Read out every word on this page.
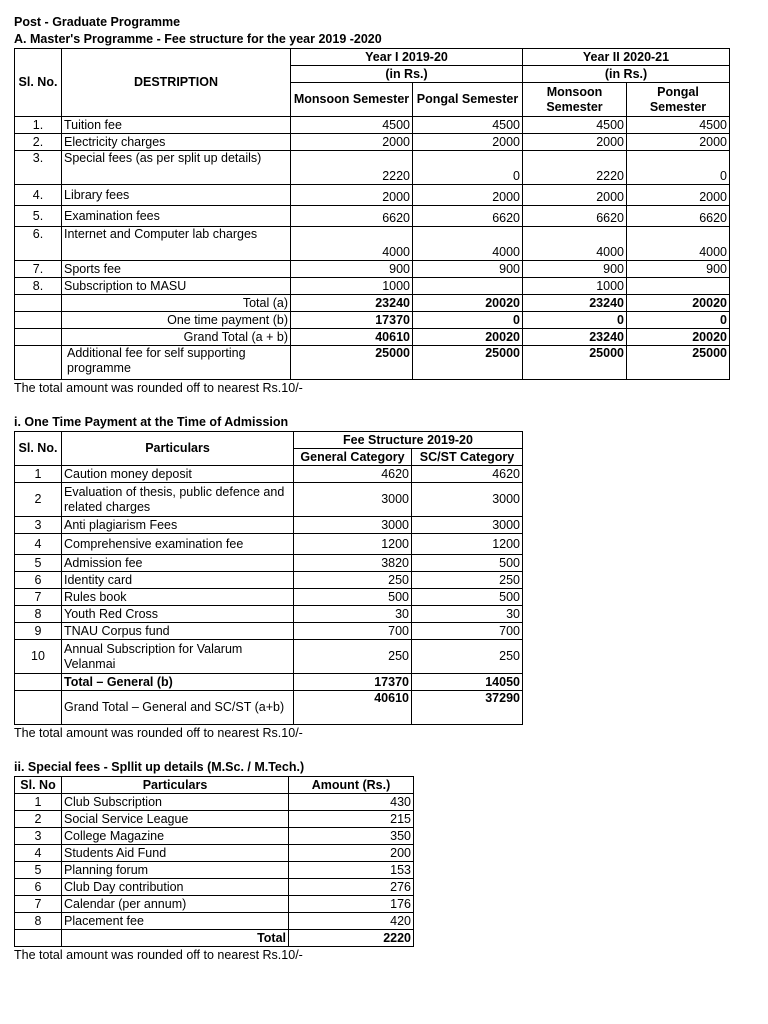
Post - Graduate Programme
A. Master's Programme - Fee structure for the year 2019 -2020
Sl. No.	DESTRIPTION	Year I 2019-20		Year II 2020-21	
		(in Rs.)		(in Rs.)	
		Monsoon Semester	Pongal Semester	Monsoon Semester	Pongal Semester
1.	Tuition fee	4500	4500	4500	4500
2.	Electricity charges	2000	2000	2000	2000
3.	Special fees (as per split up details)	2220	0	2220	0
4.	Library fees	2000	2000	2000	2000
5.	Examination fees	6620	6620	6620	6620
6.	Internet and Computer lab charges	4000	4000	4000	4000
7.	Sports fee	900	900	900	900
8.	Subscription to MASU	1000		1000	
	Total (a)	23240	20020	23240	20020
	One time payment (b)	17370	0	0	0
	Grand Total (a + b)	40610	20020	23240	20020
	Additional fee for self supporting programme	25000	25000	25000	25000
The total amount was rounded off to nearest Rs.10/-
i. One Time Payment at the Time of Admission
Sl. No.	Particulars	Fee Structure 2019-20	
		General Category	SC/ST Category
1	Caution money deposit	4620	4620
2	Evaluation of thesis, public defence and related charges	3000	3000
3	Anti plagiarism Fees	3000	3000
4	Comprehensive examination fee	1200	1200
5	Admission fee	3820	500
6	Identity card	250	250
7	Rules book	500	500
8	Youth Red Cross	30	30
9	TNAU Corpus fund	700	700
10	Annual Subscription for Valarum Velanmai	250	250
	Total – General (b)	17370	14050
	Grand Total – General and SC/ST (a+b)	40610	37290
The total amount was rounded off to nearest Rs.10/-
ii. Special fees - Spllit up details (M.Sc. / M.Tech.)
Sl. No	Particulars	Amount (Rs.)
1	Club Subscription	430
2	Social Service League	215
3	College Magazine	350
4	Students Aid Fund	200
5	Planning forum	153
6	Club Day contribution	276
7	Calendar (per annum)	176
8	Placement fee	420
	Total	2220
The total amount was rounded off to nearest Rs.10/-
